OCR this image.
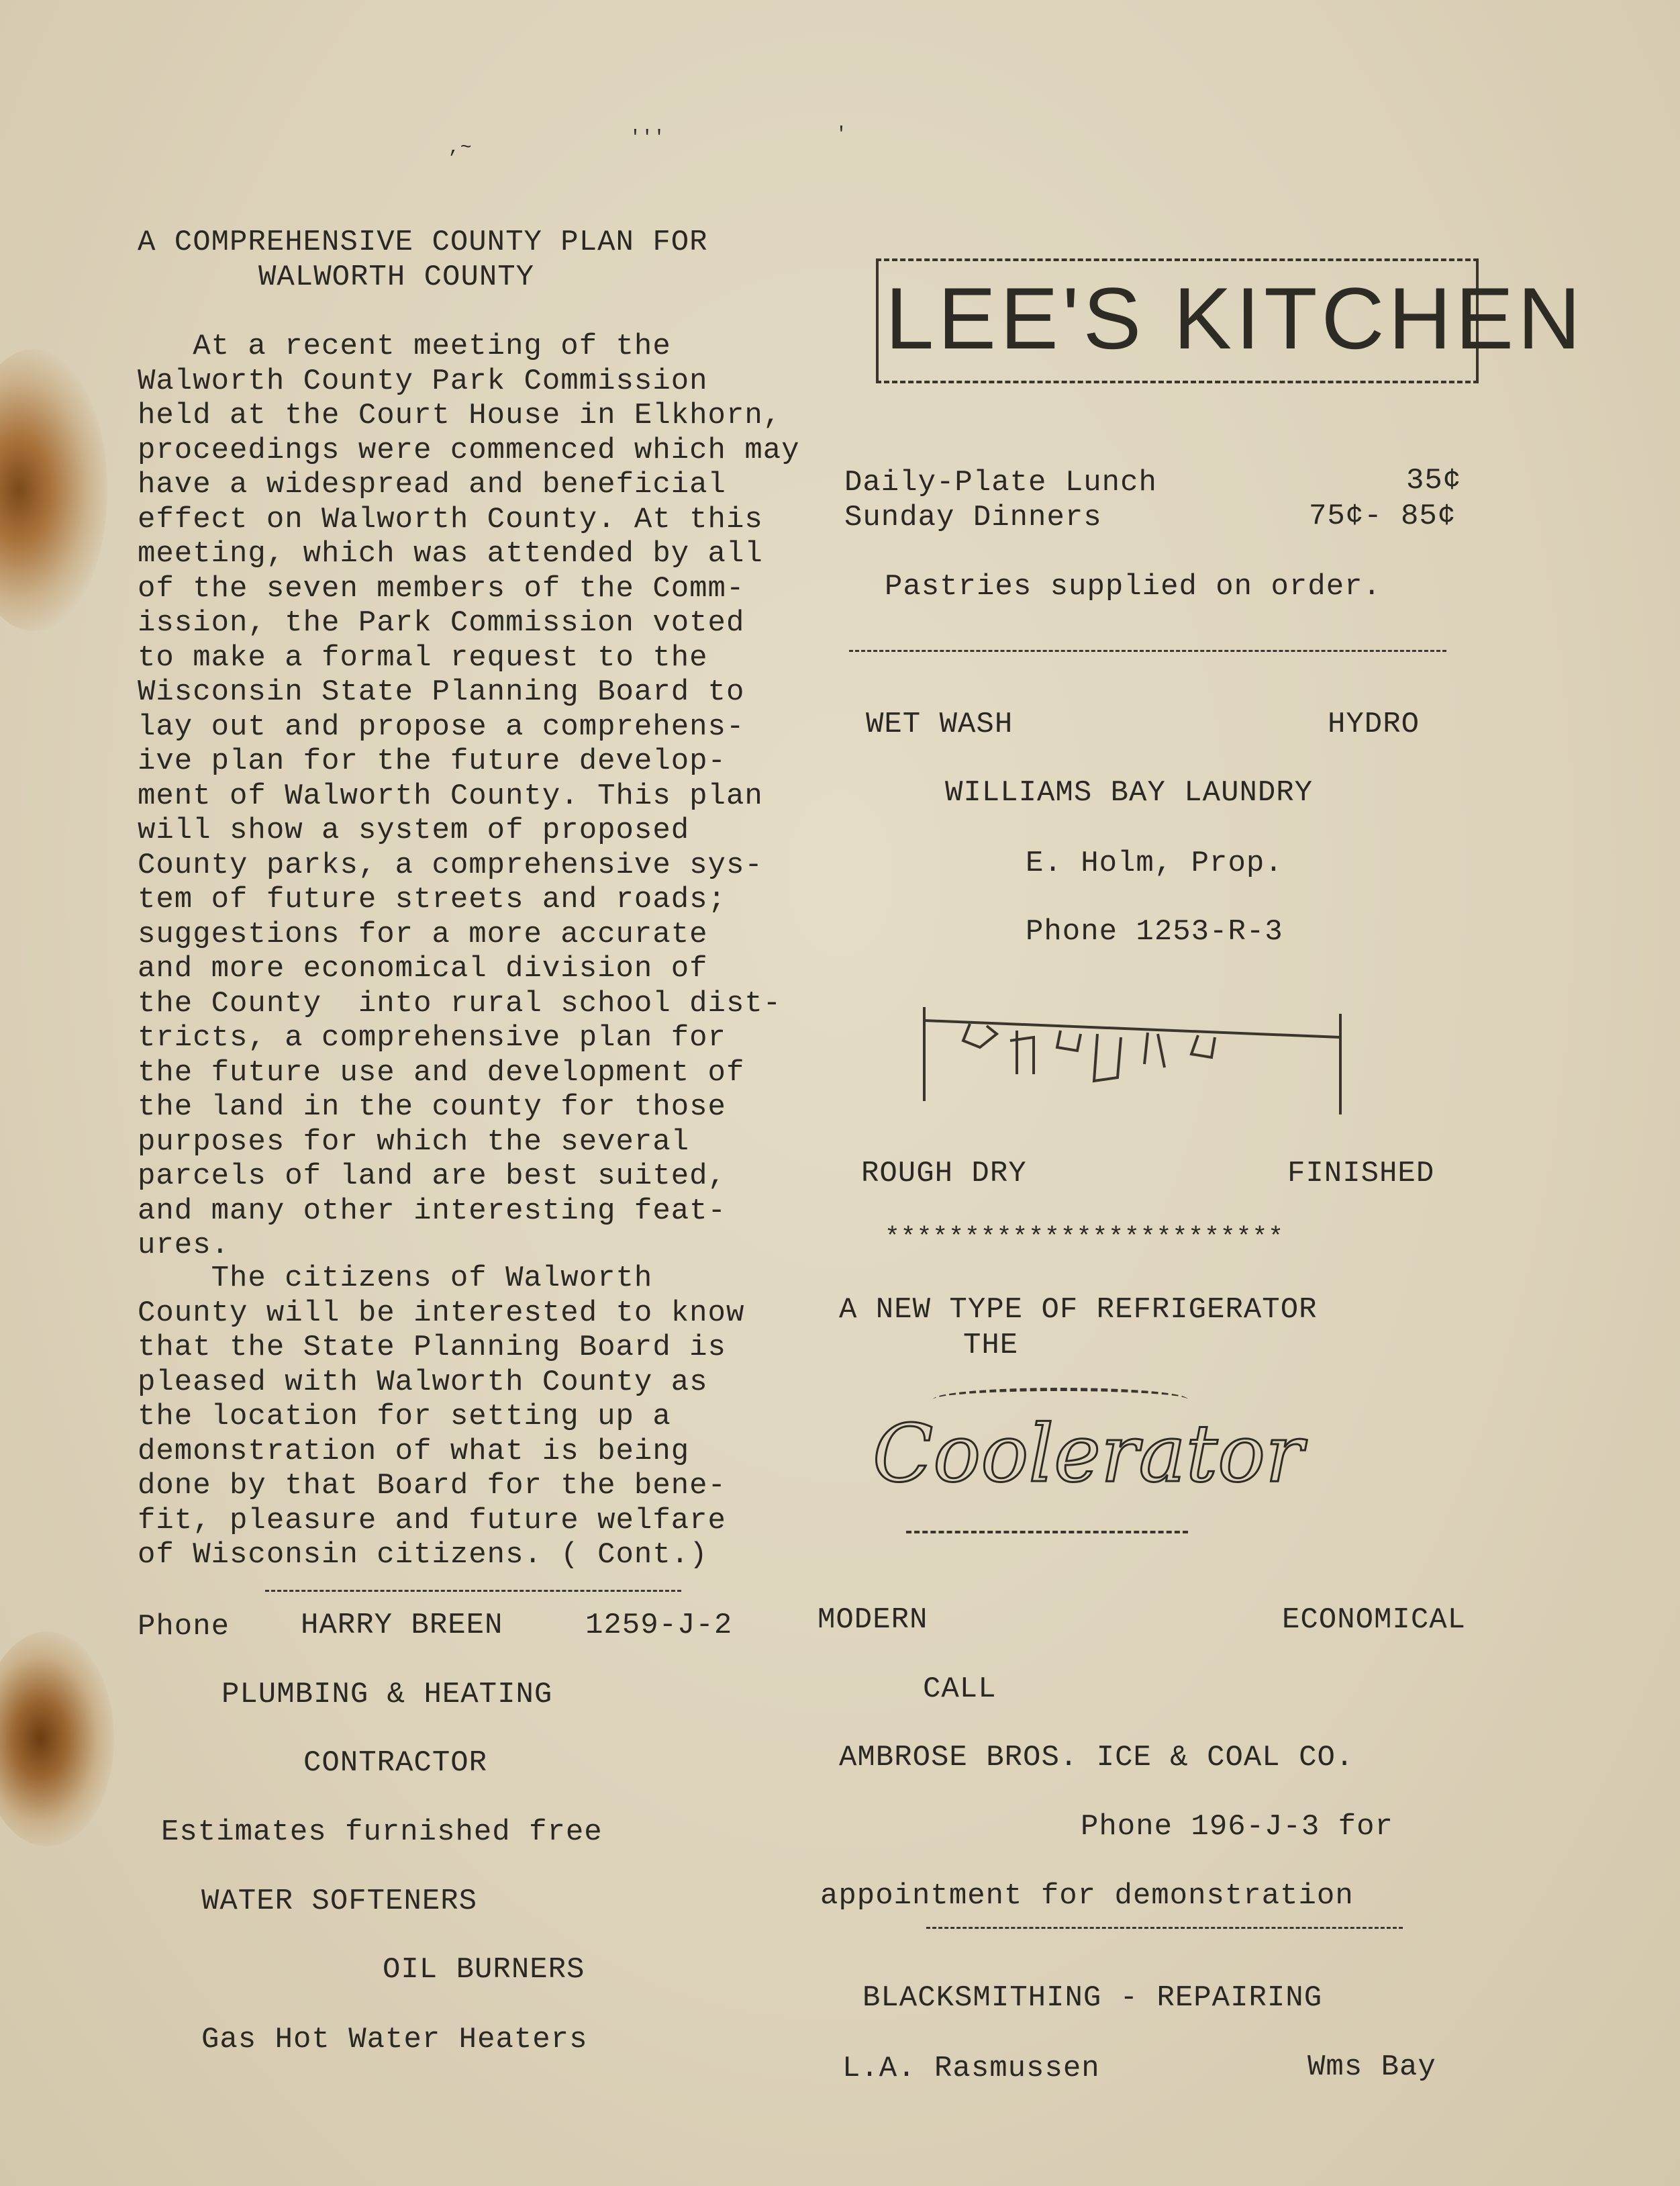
,~	'''	'
A COMPREHENSIVE COUNTY PLAN FOR
WALWORTH COUNTY
At a recent meeting of the
Walworth County Park Commission
held at the Court House in Elkhorn,
proceedings were commenced which may
have a widespread and beneficial
effect on Walworth County. At this
meeting, which was attended by all
of the seven members of the Comm-
ission, the Park Commission voted
to make a formal request to the
Wisconsin State Planning Board to
lay out and propose a comprehens-
ive plan for the future develop-
ment of Walworth County. This plan
will show a system of proposed
County parks, a comprehensive sys-
tem of future streets and roads;
suggestions for a more accurate
and more economical division of
the County  into rural school dist-
tricts, a comprehensive plan for
the future use and development of
the land in the county for those
purposes for which the several
parcels of land are best suited,
and many other interesting feat-
ures.
The citizens of Walworth
County will be interested to know
that the State Planning Board is
pleased with Walworth County as
the location for setting up a
demonstration of what is being
done by that Board for the bene-
fit, pleasure and future welfare
of Wisconsin citizens. ( Cont.)
Phone HARRY BREEN	1259-J-2
PLUMBING & HEATING
CONTRACTOR
Estimates furnished free
WATER SOFTENERS
OIL BURNERS
Gas Hot Water Heaters
LEE'S KITCHEN
Daily-Plate Lunch	35¢
Sunday Dinners	75¢- 85¢
Pastries supplied on order.
WET WASH	HYDRO
WILLIAMS BAY LAUNDRY
E. Holm, Prop.
Phone 1253-R-3
ROUGH DRY	FINISHED
*************************
A NEW TYPE OF REFRIGERATOR
THE
Coolerator
MODERN	ECONOMICAL
CALL
AMBROSE BROS. ICE & COAL CO.
Phone 196-J-3 for
appointment for demonstration
BLACKSMITHING - REPAIRING
L.A. Rasmussen	Wms Bay
